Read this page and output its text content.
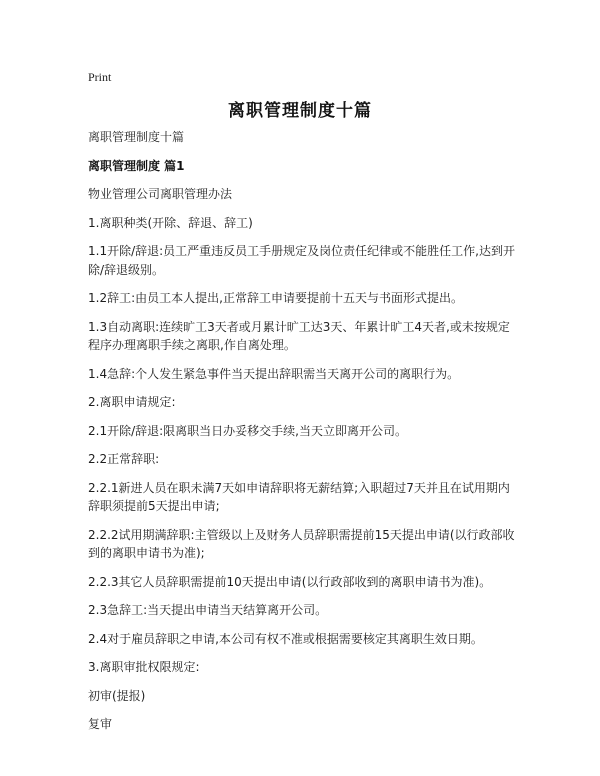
Print
离职管理制度十篇

离职管理制度十篇

离职管理制度 篇1

物业管理公司离职管理办法

1.离职种类(开除、辞退、辞工)

1.1开除/辞退:员工严重违反员工手册规定及岗位责任纪律或不能胜任工作,达到开除/辞退级别。

1.2辞工:由员工本人提出,正常辞工申请要提前十五天与书面形式提出。

1.3自动离职:连续旷工3天者或月累计旷工达3天、年累计旷工4天者,或未按规定程序办理离职手续之离职,作自离处理。

1.4急辞:个人发生紧急事件当天提出辞职需当天离开公司的离职行为。

2.离职申请规定:

2.1开除/辞退:限离职当日办妥移交手续,当天立即离开公司。

2.2正常辞职:

2.2.1新进人员在职未满7天如申请辞职将无薪结算;入职超过7天并且在试用期内辞职须提前5天提出申请;

2.2.2试用期满辞职:主管级以上及财务人员辞职需提前15天提出申请(以行政部收到的离职申请书为准);

2.2.3其它人员辞职需提前10天提出申请(以行政部收到的离职申请书为准)。

2.3急辞工:当天提出申请当天结算离开公司。

2.4对于雇员辞职之申请,本公司有权不准或根据需要核定其离职生效日期。

3.离职审批权限规定:

初审(提报)

复审
